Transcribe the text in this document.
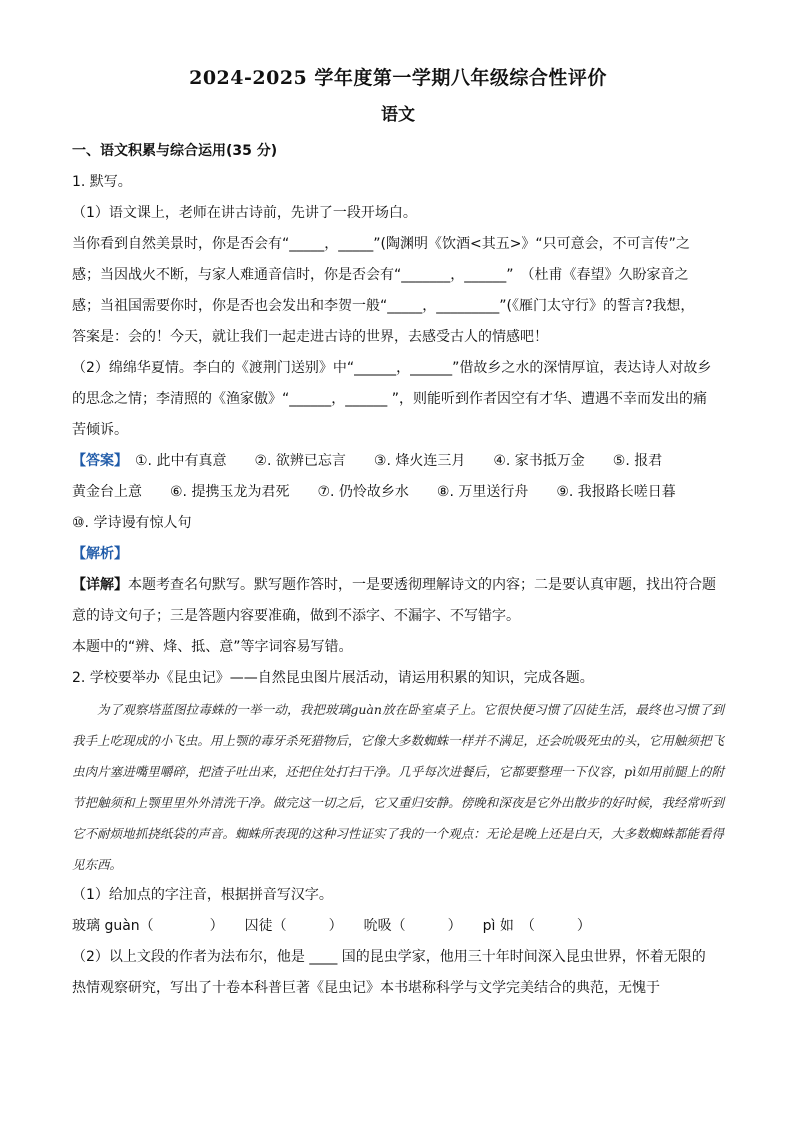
2024-2025 学年度第一学期八年级综合性评价
语文
一、语文积累与综合运用(35 分)
1. 默写。
（1）语文课上，老师在讲古诗前，先讲了一段开场白。
当你看到自然美景时，你是否会有“_____，_____”(陶渊明《饮酒<其五>》“只可意会，不可言传”之
感；当因战火不断，与家人难通音信时，你是否会有“_______，______”　（杜甫《春望》久盼家音之
感；当祖国需要你时，你是否也会发出和李贺一般“_____，_________”(《雁门太守行》的誓言?我想，
答案是：会的！今天，就让我们一起走进古诗的世界，去感受古人的情感吧！
（2）绵绵华夏情。李白的《渡荆门送别》中“______，______”借故乡之水的深情厚谊，表达诗人对故乡
的思念之情；李清照的《渔家傲》“______，______ ”，则能听到作者因空有才华、遭遇不幸而发出的痛
苦倾诉。
【答案】　①. 此中有真意　　②. 欲辨已忘言　　③. 烽火连三月　　④. 家书抵万金　　⑤. 报君
黄金台上意　　⑥. 提携玉龙为君死　　⑦. 仍怜故乡水　　⑧. 万里送行舟　　⑨. 我报路长嗟日暮
⑩. 学诗谩有惊人句
【解析】
【详解】本题考查名句默写。默写题作答时，一是要透彻理解诗文的内容；二是要认真审题，找出符合题
意的诗文句子；三是答题内容要准确，做到不添字、不漏字、不写错字。
本题中的“辨、烽、抵、意”等字词容易写错。
2. 学校要举办《昆虫记》——自然昆虫图片展活动，请运用积累的知识，完成各题。
为了观察塔蓝图拉毒蛛的一举一动，我把玻璃guàn放在卧室桌子上。它很快便习惯了囚徒生活，最终也习惯了到我手上吃现成的小飞虫。用上颚的毒牙杀死猎物后，它像大多数蜘蛛一样并不满足，还会吮吸死虫的头，它用触须把飞虫肉片塞进嘴里嚼碎，把渣子吐出来，还把住处打扫干净。几乎每次进餐后，它都要整理一下仪容，pì如用前腿上的附节把触须和上颚里里外外清洗干净。做完这一切之后，它又重归安静。傍晚和深夜是它外出散步的好时候，我经常听到它不耐烦地抓挠纸袋的声音。蜘蛛所表现的这种习性证实了我的一个观点：无论是晚上还是白天，大多数蜘蛛都能看得见东西。
（1）给加点的字注音，根据拼音写汉字。
玻璃 guàn（　　　　）　　囚徒（　　　）　　吮吸（　　　）　　pì 如　（　　　）
（2）以上文段的作者为法布尔，他是 ____ 国的昆虫学家，他用三十年时间深入昆虫世界，怀着无限的
热情观察研究，写出了十卷本科普巨著《昆虫记》本书堪称科学与文学完美结合的典范，无愧于
